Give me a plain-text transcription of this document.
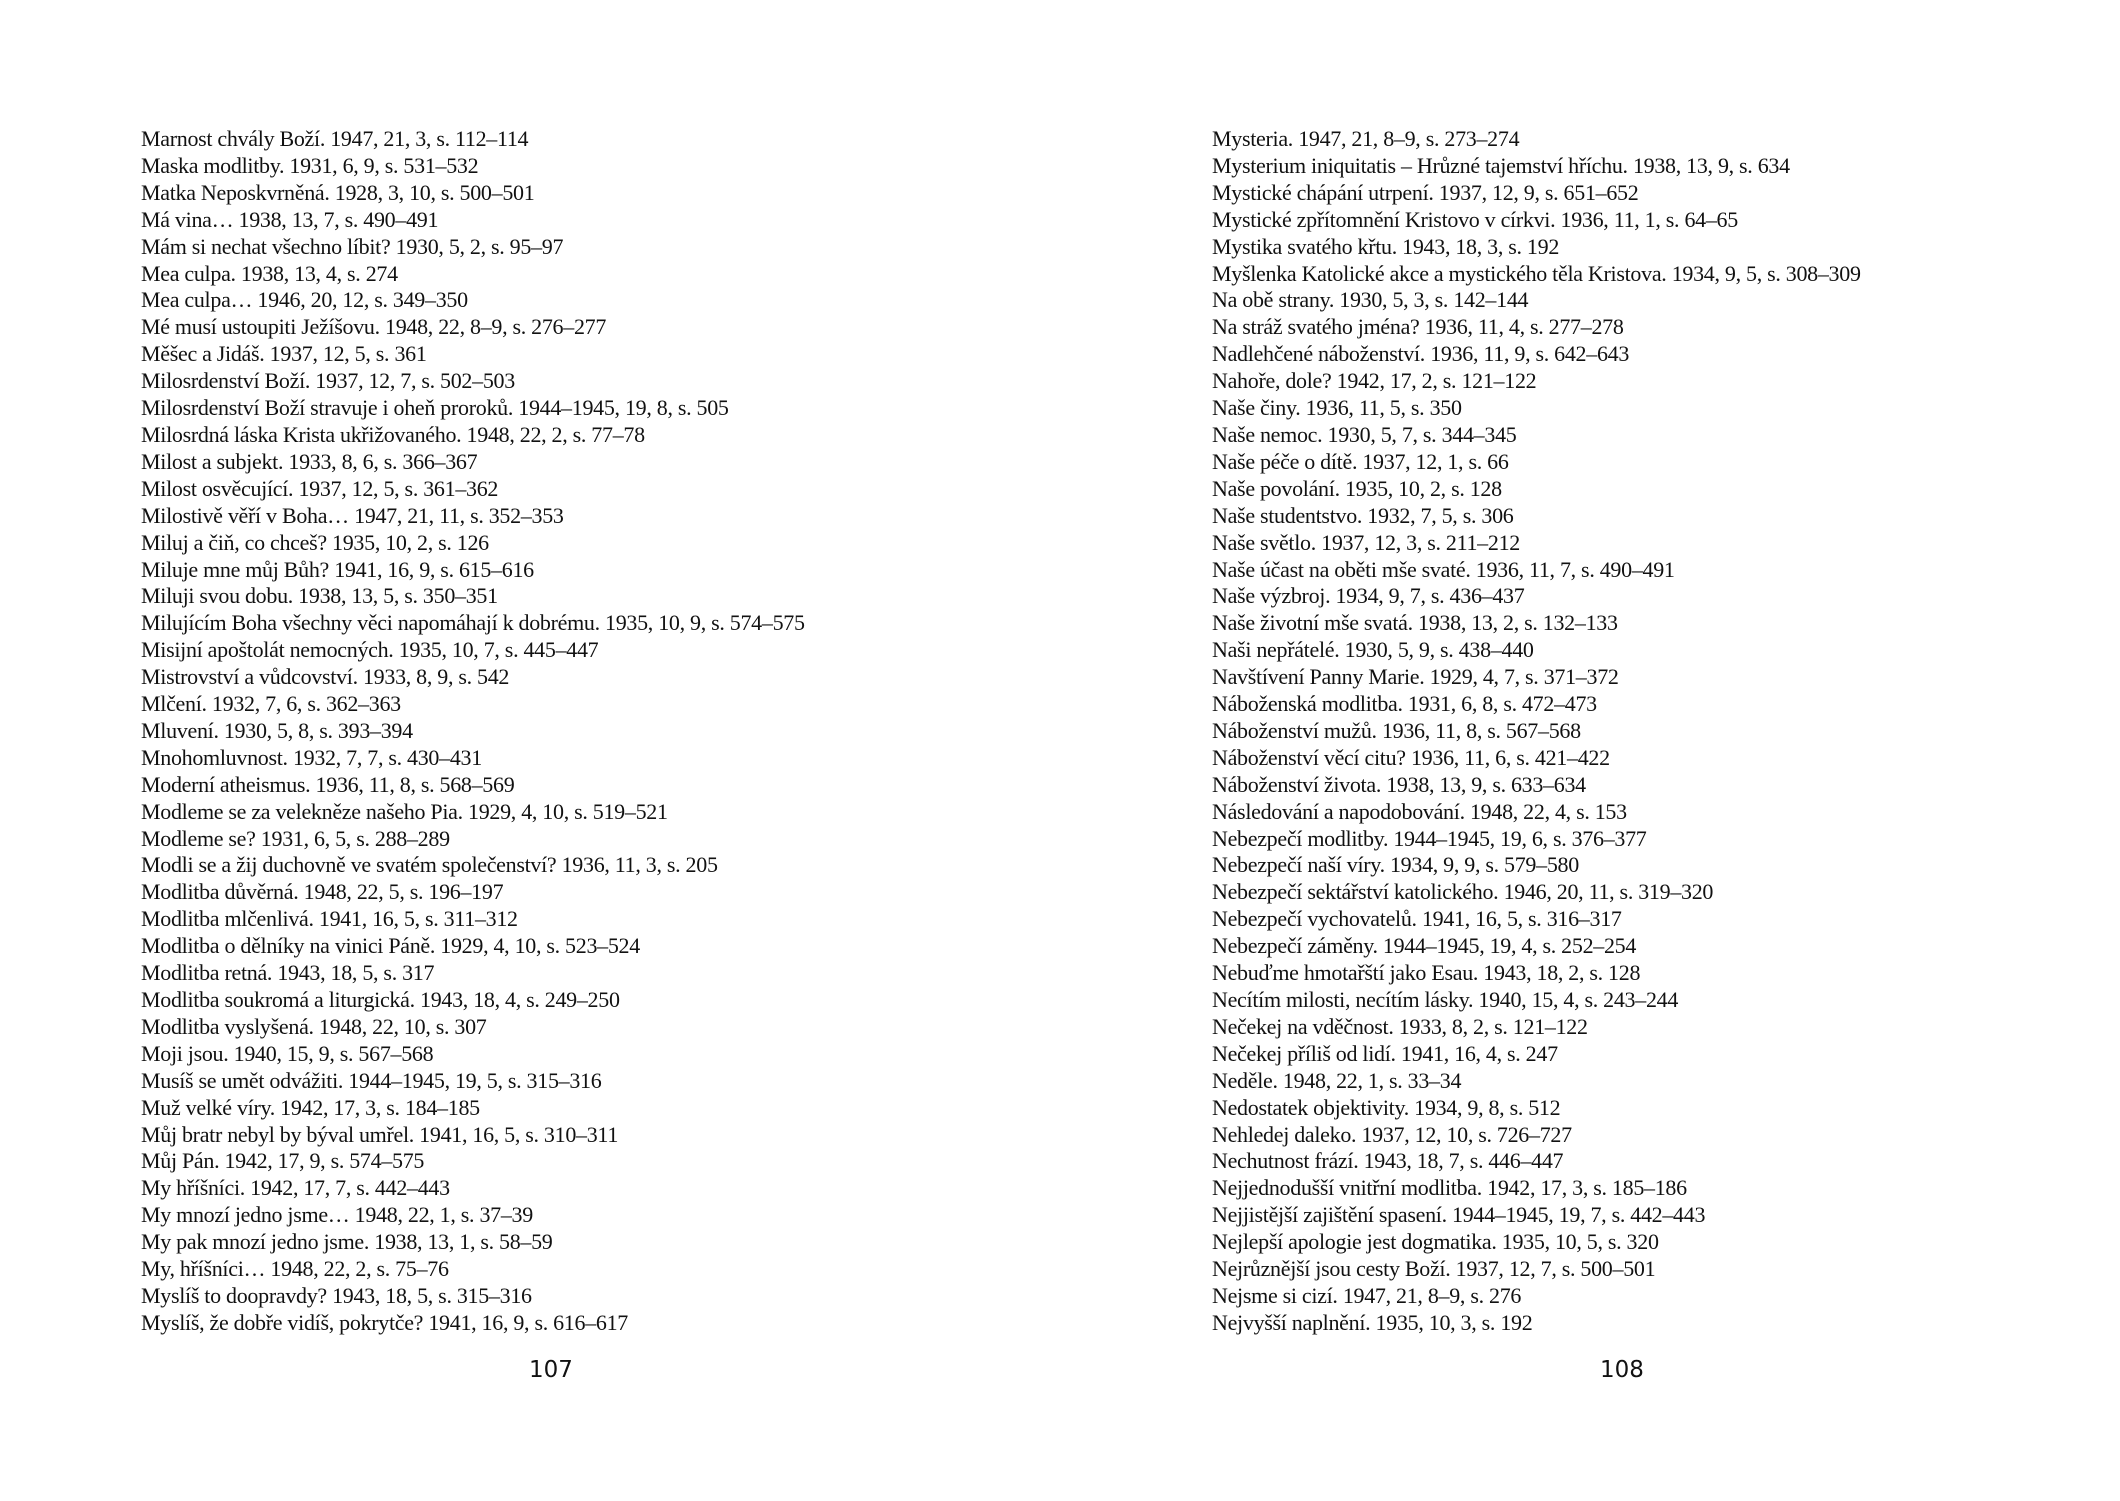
Marnost chvály Boží. 1947, 21, 3, s. 112–114
Maska modlitby. 1931, 6, 9, s. 531–532
Matka Neposkvrněná. 1928, 3, 10, s. 500–501
Má vina… 1938, 13, 7, s. 490–491
Mám si nechat všechno líbit? 1930, 5, 2, s. 95–97
Mea culpa. 1938, 13, 4, s. 274
Mea culpa… 1946, 20, 12, s. 349–350
Mé musí ustoupiti Ježíšovu. 1948, 22, 8–9, s. 276–277
Měšec a Jidáš. 1937, 12, 5, s. 361
Milosrdenství Boží. 1937, 12, 7, s. 502–503
Milosrdenství Boží stravuje i oheň proroků. 1944–1945, 19, 8, s. 505
Milosrdná láska Krista ukřižovaného. 1948, 22, 2, s. 77–78
Milost a subjekt. 1933, 8, 6, s. 366–367
Milost osvěcující. 1937, 12, 5, s. 361–362
Milostivě věří v Boha… 1947, 21, 11, s. 352–353
Miluj a čiň, co chceš? 1935, 10, 2, s. 126
Miluje mne můj Bůh? 1941, 16, 9, s. 615–616
Miluji svou dobu. 1938, 13, 5, s. 350–351
Milujícím Boha všechny věci napomáhají k dobrému. 1935, 10, 9, s. 574–575
Misijní apoštolát nemocných. 1935, 10, 7, s. 445–447
Mistrovství a vůdcovství. 1933, 8, 9, s. 542
Mlčení. 1932, 7, 6, s. 362–363
Mluvení. 1930, 5, 8, s. 393–394
Mnohomluvnost. 1932, 7, 7, s. 430–431
Moderní atheismus. 1936, 11, 8, s. 568–569
Modleme se za velekněze našeho Pia. 1929, 4, 10, s. 519–521
Modleme se? 1931, 6, 5, s. 288–289
Modli se a žij duchovně ve svatém společenství? 1936, 11, 3, s. 205
Modlitba důvěrná. 1948, 22, 5, s. 196–197
Modlitba mlčenlivá. 1941, 16, 5, s. 311–312
Modlitba o dělníky na vinici Páně. 1929, 4, 10, s. 523–524
Modlitba retná. 1943, 18, 5, s. 317
Modlitba soukromá a liturgická. 1943, 18, 4, s. 249–250
Modlitba vyslyšená. 1948, 22, 10, s. 307
Moji jsou. 1940, 15, 9, s. 567–568
Musíš se umět odvážiti. 1944–1945, 19, 5, s. 315–316
Muž velké víry. 1942, 17, 3, s. 184–185
Můj bratr nebyl by býval umřel. 1941, 16, 5, s. 310–311
Můj Pán. 1942, 17, 9, s. 574–575
My hříšníci. 1942, 17, 7, s. 442–443
My mnozí jedno jsme… 1948, 22, 1, s. 37–39
My pak mnozí jedno jsme. 1938, 13, 1, s. 58–59
My, hříšníci… 1948, 22, 2, s. 75–76
Myslíš to doopravdy? 1943, 18, 5, s. 315–316
Myslíš, že dobře vidíš, pokrytče? 1941, 16, 9, s. 616–617
107
Mysteria. 1947, 21, 8–9, s. 273–274
Mysterium iniquitatis – Hrůzné tajemství hříchu. 1938, 13, 9, s. 634
Mystické chápání utrpení. 1937, 12, 9, s. 651–652
Mystické zpřítomnění Kristovo v církvi. 1936, 11, 1, s. 64–65
Mystika svatého křtu. 1943, 18, 3, s. 192
Myšlenka Katolické akce a mystického těla Kristova. 1934, 9, 5, s. 308–309
Na obě strany. 1930, 5, 3, s. 142–144
Na stráž svatého jména? 1936, 11, 4, s. 277–278
Nadlehčené náboženství. 1936, 11, 9, s. 642–643
Nahoře, dole? 1942, 17, 2, s. 121–122
Naše činy. 1936, 11, 5, s. 350
Naše nemoc. 1930, 5, 7, s. 344–345
Naše péče o dítě. 1937, 12, 1, s. 66
Naše povolání. 1935, 10, 2, s. 128
Naše studentstvo. 1932, 7, 5, s. 306
Naše světlo. 1937, 12, 3, s. 211–212
Naše účast na oběti mše svaté. 1936, 11, 7, s. 490–491
Naše výzbroj. 1934, 9, 7, s. 436–437
Naše životní mše svatá. 1938, 13, 2, s. 132–133
Naši nepřátelé. 1930, 5, 9, s. 438–440
Navštívení Panny Marie. 1929, 4, 7, s. 371–372
Náboženská modlitba. 1931, 6, 8, s. 472–473
Náboženství mužů. 1936, 11, 8, s. 567–568
Náboženství věcí citu? 1936, 11, 6, s. 421–422
Náboženství života. 1938, 13, 9, s. 633–634
Následování a napodobování. 1948, 22, 4, s. 153
Nebezpečí modlitby. 1944–1945, 19, 6, s. 376–377
Nebezpečí naší víry. 1934, 9, 9, s. 579–580
Nebezpečí sektářství katolického. 1946, 20, 11, s. 319–320
Nebezpečí vychovatelů. 1941, 16, 5, s. 316–317
Nebezpečí záměny. 1944–1945, 19, 4, s. 252–254
Nebuďme hmotařští jako Esau. 1943, 18, 2, s. 128
Necítím milosti, necítím lásky. 1940, 15, 4, s. 243–244
Nečekej na vděčnost. 1933, 8, 2, s. 121–122
Nečekej příliš od lidí. 1941, 16, 4, s. 247
Neděle. 1948, 22, 1, s. 33–34
Nedostatek objektivity. 1934, 9, 8, s. 512
Nehledej daleko. 1937, 12, 10, s. 726–727
Nechutnost frází. 1943, 18, 7, s. 446–447
Nejjednodušší vnitřní modlitba. 1942, 17, 3, s. 185–186
Nejjistější zajištění spasení. 1944–1945, 19, 7, s. 442–443
Nejlepší apologie jest dogmatika. 1935, 10, 5, s. 320
Nejrůznější jsou cesty Boží. 1937, 12, 7, s. 500–501
Nejsme si cizí. 1947, 21, 8–9, s. 276
Nejvyšší naplnění. 1935, 10, 3, s. 192
108
